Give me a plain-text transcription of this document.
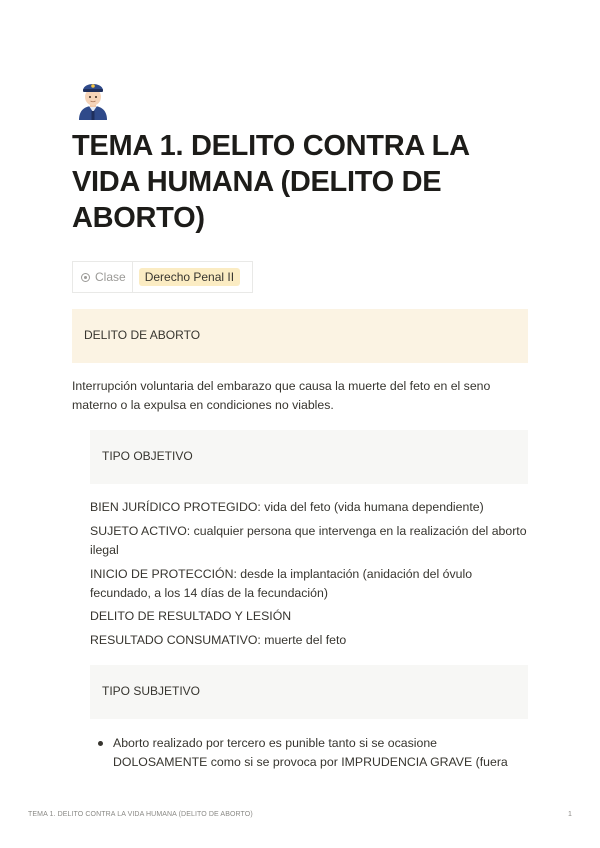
TEMA 1. DELITO CONTRA LA VIDA HUMANA (DELITO DE ABORTO)
Clase	Derecho Penal II
DELITO DE ABORTO

Interrupción voluntaria del embarazo que causa la muerte del feto en el seno materno o la expulsa en condiciones no viables.

TIPO OBJETIVO

BIEN JURÍDICO PROTEGIDO: vida del feto (vida humana dependiente)

SUJETO ACTIVO: cualquier persona que intervenga en la realización del aborto ilegal

INICIO DE PROTECCIÓN: desde la implantación (anidación del óvulo fecundado, a los 14 días de la fecundación)

DELITO DE RESULTADO Y LESIÓN

RESULTADO CONSUMATIVO: muerte del feto

TIPO SUBJETIVO

Aborto realizado por tercero es punible tanto si se ocasione DOLOSAMENTE como si se provoca por IMPRUDENCIA GRAVE (fuera

TEMA 1. DELITO CONTRA LA VIDA HUMANA (DELITO DE ABORTO)	1
